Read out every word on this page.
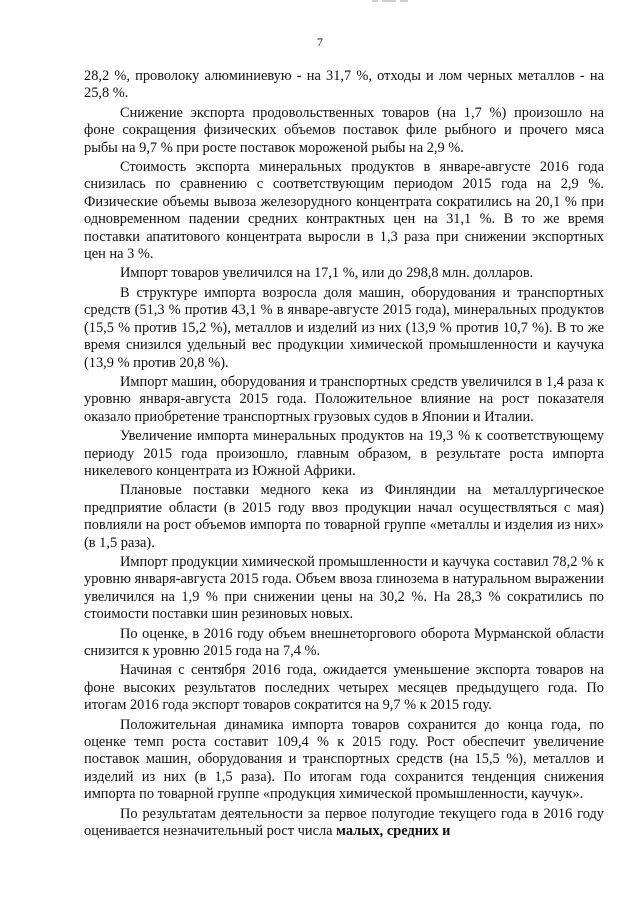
7

28,2 %, проволоку алюминиевую - на 31,7 %, отходы и лом черных металлов - на 25,8 %.

Снижение экспорта продовольственных товаров (на 1,7 %) произошло на фоне сокращения физических объемов поставок филе рыбного и прочего мяса рыбы на 9,7 % при росте поставок мороженой рыбы на 2,9 %.

Стоимость экспорта минеральных продуктов в январе-августе 2016 года снизилась по сравнению с соответствующим периодом 2015 года на 2,9 %. Физические объемы вывоза железорудного концентрата сократились на 20,1 % при одновременном падении средних контрактных цен на 31,1 %. В то же время поставки апатитового концентрата выросли в 1,3 раза при снижении экспортных цен на 3 %.

Импорт товаров увеличился на 17,1 %, или до 298,8 млн. долларов.

В структуре импорта возросла доля машин, оборудования и транспортных средств (51,3 % против 43,1 % в январе-августе 2015 года), минеральных продуктов (15,5 % против 15,2 %), металлов и изделий из них (13,9 % против 10,7 %). В то же время снизился удельный вес продукции химической промышленности и каучука (13,9 % против 20,8 %).

Импорт машин, оборудования и транспортных средств увеличился в 1,4 раза к уровню января-августа 2015 года. Положительное влияние на рост показателя оказало приобретение транспортных грузовых судов в Японии и Италии.

Увеличение импорта минеральных продуктов на 19,3 % к соответствующему периоду 2015 года произошло, главным образом, в результате роста импорта никелевого концентрата из Южной Африки.

Плановые поставки медного кека из Финляндии на металлургическое предприятие области (в 2015 году ввоз продукции начал осуществляться с мая) повлияли на рост объемов импорта по товарной группе «металлы и изделия из них» (в 1,5 раза).

Импорт продукции химической промышленности и каучука составил 78,2 % к уровню января-августа 2015 года. Объем ввоза глинозема в натуральном выражении увеличился на 1,9 % при снижении цены на 30,2 %. На 28,3 % сократились по стоимости поставки шин резиновых новых.

По оценке, в 2016 году объем внешнеторгового оборота Мурманской области снизится к уровню 2015 года на 7,4 %.

Начиная с сентября 2016 года, ожидается уменьшение экспорта товаров на фоне высоких результатов последних четырех месяцев предыдущего года. По итогам 2016 года экспорт товаров сократится на 9,7 % к 2015 году.

Положительная динамика импорта товаров сохранится до конца года, по оценке темп роста составит 109,4 % к 2015 году. Рост обеспечит увеличение поставок машин, оборудования и транспортных средств (на 15,5 %), металлов и изделий из них (в 1,5 раза). По итогам года сохранится тенденция снижения импорта по товарной группе «продукция химической промышленности, каучук».

По результатам деятельности за первое полугодие текущего года в 2016 году оценивается незначительный рост числа малых, средних и
